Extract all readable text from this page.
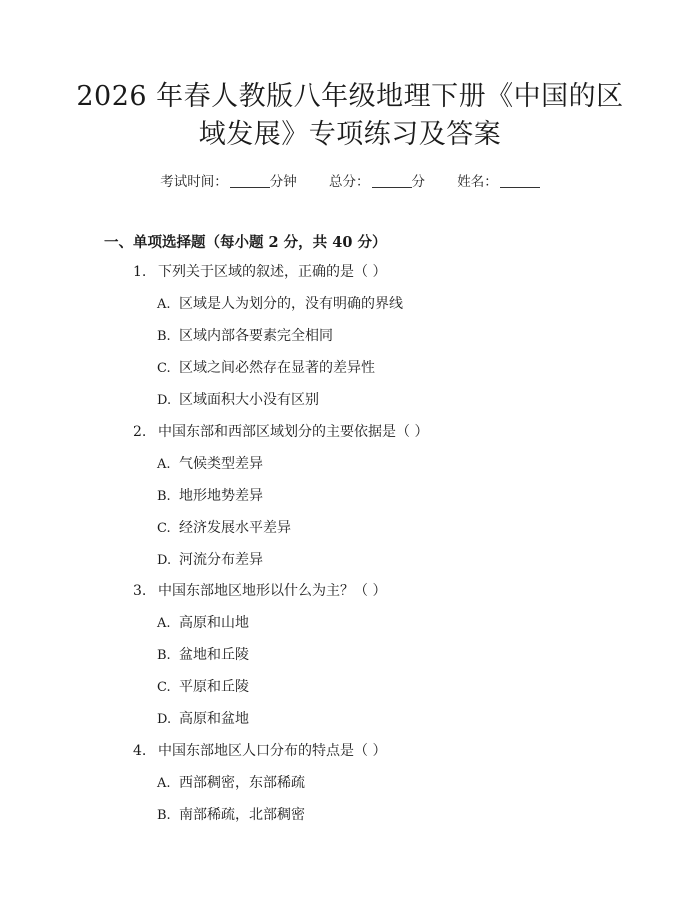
2026 年春人教版八年级地理下册《中国的区
域发展》专项练习及答案
考试时间：	分钟 总分：	分 姓名：
一、单项选择题（每小题 2 分，共 40 分）
1. 下列关于区域的叙述，正确的是（ ）
A. 区域是人为划分的，没有明确的界线
B. 区域内部各要素完全相同
C. 区域之间必然存在显著的差异性
D. 区域面积大小没有区别
2. 中国东部和西部区域划分的主要依据是（ ）
A. 气候类型差异
B. 地形地势差异
C. 经济发展水平差异
D. 河流分布差异
3. 中国东部地区地形以什么为主？（ ）
A. 高原和山地
B. 盆地和丘陵
C. 平原和丘陵
D. 高原和盆地
4. 中国东部地区人口分布的特点是（ ）
A. 西部稠密，东部稀疏
B. 南部稀疏，北部稠密
